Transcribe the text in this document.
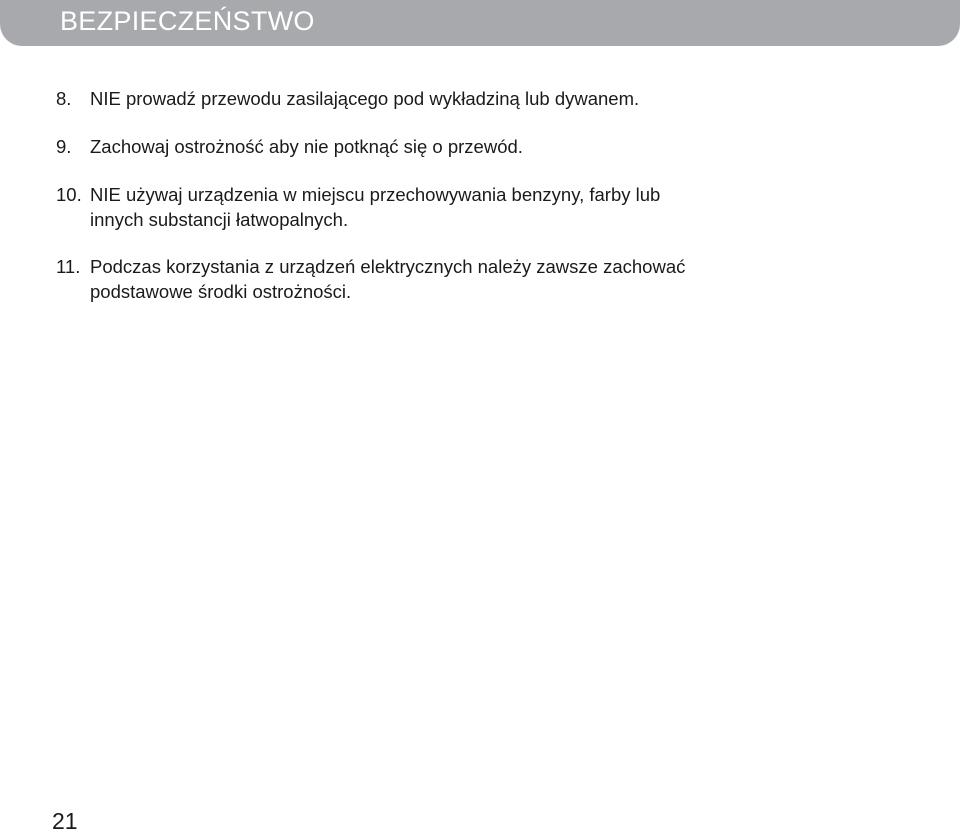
BEZPIECZEŃSTWO
8. NIE prowadź przewodu zasilającego pod wykładziną lub dywanem.
9. Zachowaj ostrożność aby nie potknąć się o przewód.
10. NIE używaj urządzenia w miejscu przechowywania benzyny, farby lub
innych substancji łatwopalnych.
11. Podczas korzystania z urządzeń elektrycznych należy zawsze zachować
podstawowe środki ostrożności.
21
